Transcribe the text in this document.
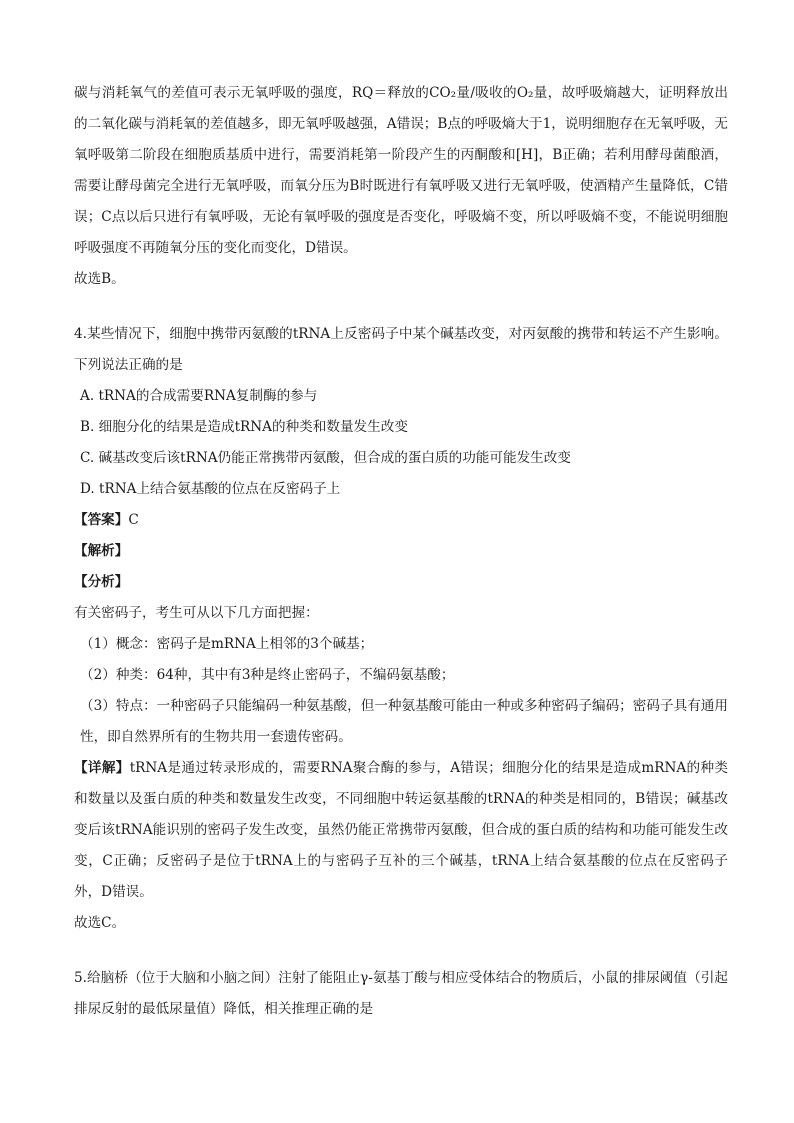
碳与消耗氧气的差值可表示无氧呼吸的强度，RQ＝释放的CO₂量/吸收的O₂量，故呼吸熵越大，证明释放出的二氧化碳与消耗氧的差值越多，即无氧呼吸越强，A错误；B点的呼吸熵大于1，说明细胞存在无氧呼吸，无氧呼吸第二阶段在细胞质基质中进行，需要消耗第一阶段产生的丙酮酸和[H]，B正确；若利用酵母菌酿酒，需要让酵母菌完全进行无氧呼吸，而氧分压为B时既进行有氧呼吸又进行无氧呼吸，使酒精产生量降低，C错误；C点以后只进行有氧呼吸，无论有氧呼吸的强度是否变化，呼吸熵不变，所以呼吸熵不变，不能说明细胞呼吸强度不再随氧分压的变化而变化，D错误。

故选B。

4.某些情况下，细胞中携带丙氨酸的tRNA上反密码子中某个碱基改变，对丙氨酸的携带和转运不产生影响。下列说法正确的是

A. tRNA的合成需要RNA复制酶的参与

B. 细胞分化的结果是造成tRNA的种类和数量发生改变

C. 碱基改变后该tRNA仍能正常携带丙氨酸，但合成的蛋白质的功能可能发生改变

D. tRNA上结合氨基酸的位点在反密码子上

【答案】C

【解析】

【分析】

有关密码子，考生可从以下几方面把握：

（1）概念：密码子是mRNA上相邻的3个碱基；

（2）种类：64种，其中有3种是终止密码子，不编码氨基酸；

（3）特点：一种密码子只能编码一种氨基酸，但一种氨基酸可能由一种或多种密码子编码；密码子具有通用性，即自然界所有的生物共用一套遗传密码。

【详解】tRNA是通过转录形成的，需要RNA聚合酶的参与，A错误；细胞分化的结果是造成mRNA的种类和数量以及蛋白质的种类和数量发生改变，不同细胞中转运氨基酸的tRNA的种类是相同的，B错误；碱基改变后该tRNA能识别的密码子发生改变，虽然仍能正常携带丙氨酸，但合成的蛋白质的结构和功能可能发生改变，C正确；反密码子是位于tRNA上的与密码子互补的三个碱基，tRNA上结合氨基酸的位点在反密码子外，D错误。

故选C。

5.给脑桥（位于大脑和小脑之间）注射了能阻止γ-氨基丁酸与相应受体结合的物质后，小鼠的排尿阈值（引起排尿反射的最低尿量值）降低，相关推理正确的是
